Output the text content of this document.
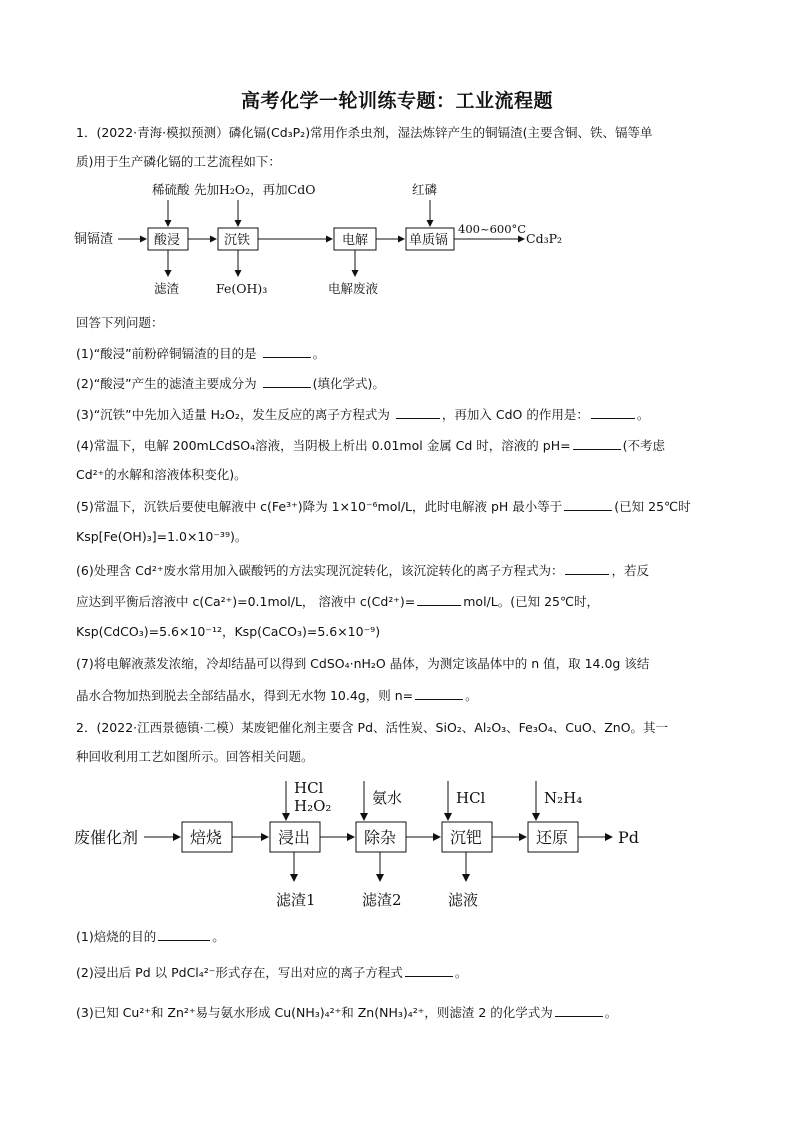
高考化学一轮训练专题：工业流程题
1．(2022·青海·模拟预测）磷化镉(Cd₃P₂)常用作杀虫剂，湿法炼锌产生的铜镉渣(主要含铜、铁、镉等单
质)用于生产磷化镉的工艺流程如下：
铜镉渣	酸浸	沉铁	电解	单质镉
400~600°C
Cd₃P₂
稀硫酸 先加H₂O₂，再加CdO	红磷
滤渣	Fe(OH)₃	电解废液
回答下列问题：
(1)“酸浸”前粉碎铜镉渣的目的是	。
(2)“酸浸”产生的滤渣主要成分为	(填化学式)。
(3)“沉铁”中先加入适量 H₂O₂，发生反应的离子方程式为	，再加入 CdO 的作用是：	。
(4)常温下，电解 200mLCdSO₄溶液，当阴极上析出 0.01mol 金属 Cd 时，溶液的 pH=	(不考虑
Cd²⁺的水解和溶液体积变化)。
(5)常温下，沉铁后要使电解液中 c(Fe³⁺)降为 1×10⁻⁶mol/L，此时电解液 pH 最小等于	(已知 25℃时
Ksp[Fe(OH)₃]=1.0×10⁻³⁹)。
(6)处理含 Cd²⁺废水常用加入碳酸钙的方法实现沉淀转化，该沉淀转化的离子方程式为：	，若反
应达到平衡后溶液中 c(Ca²⁺)=0.1mol/L， 溶液中 c(Cd²⁺)=	mol/L。(已知 25℃时，
Ksp(CdCO₃)=5.6×10⁻¹²，Ksp(CaCO₃)=5.6×10⁻⁹)
(7)将电解液蒸发浓缩，冷却结晶可以得到 CdSO₄·nH₂O 晶体，为测定该晶体中的 n 值，取 14.0g 该结
晶水合物加热到脱去全部结晶水，得到无水物 10.4g，则 n=	。
2．(2022·江西景德镇·二模）某废钯催化剂主要含 Pd、活性炭、SiO₂、Al₂O₃、Fe₃O₄、CuO、ZnO。其一
种回收利用工艺如图所示。回答相关问题。
废催化剂	焙烧	浸出	除杂	沉钯	还原	Pd
HCl
H₂O₂	氨水	HCl	N₂H₄
滤渣1	滤渣2	滤液
(1)焙烧的目的	。
(2)浸出后 Pd 以 PdCl₄²⁻形式存在，写出对应的离子方程式	。
(3)已知 Cu²⁺和 Zn²⁺易与氨水形成 Cu(NH₃)₄²⁺和 Zn(NH₃)₄²⁺，则滤渣 2 的化学式为	。
